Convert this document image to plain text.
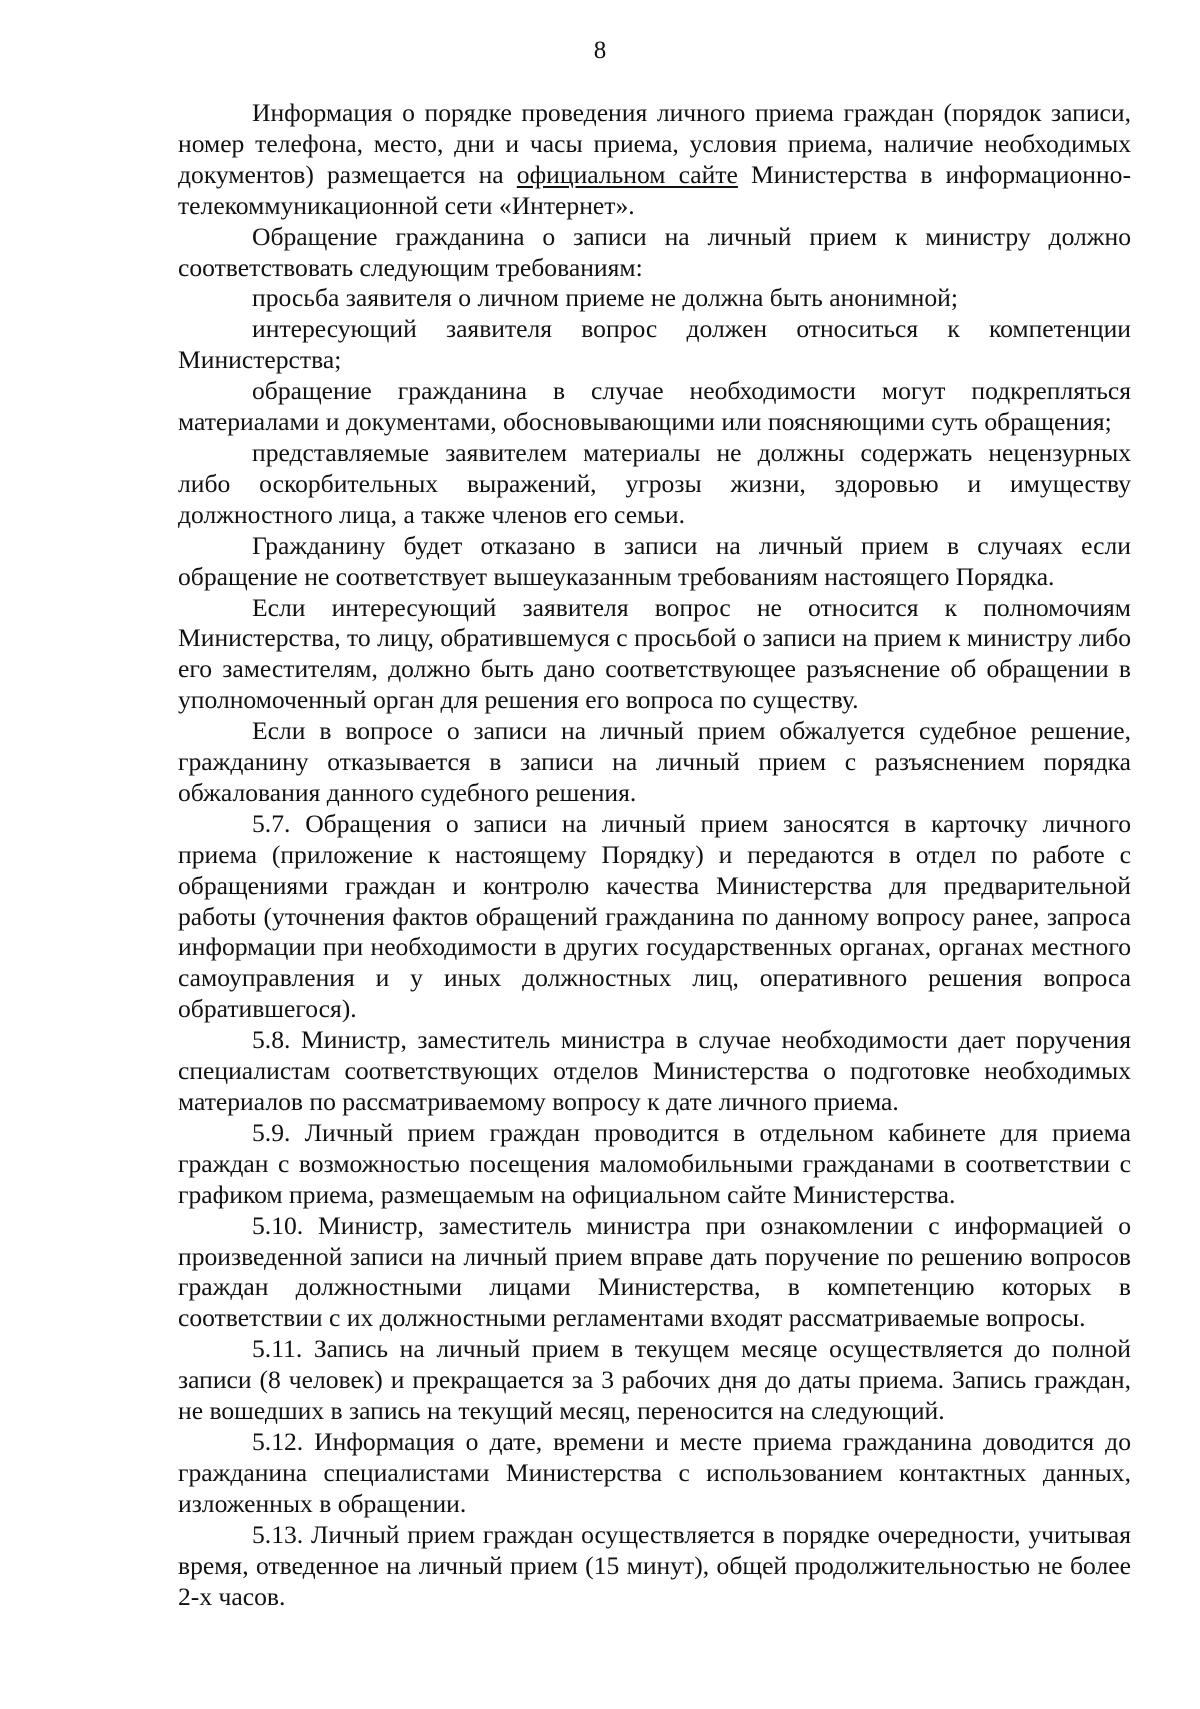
8

Информация о порядке проведения личного приема граждан (порядок записи, номер телефона, место, дни и часы приема, условия приема, наличие необходимых документов) размещается на официальном сайте Министерства в информационно-телекоммуникационной сети «Интернет».

Обращение гражданина о записи на личный прием к министру должно соответствовать следующим требованиям:

просьба заявителя о личном приеме не должна быть анонимной;

интересующий заявителя вопрос должен относиться к компетенции Министерства;

обращение гражданина в случае необходимости могут подкрепляться материалами и документами, обосновывающими или поясняющими суть обращения;

представляемые заявителем материалы не должны содержать нецензурных либо оскорбительных выражений, угрозы жизни, здоровью и имуществу должностного лица, а также членов его семьи.

Гражданину будет отказано в записи на личный прием в случаях если обращение не соответствует вышеуказанным требованиям настоящего Порядка.

Если интересующий заявителя вопрос не относится к полномочиям Министерства, то лицу, обратившемуся с просьбой о записи на прием к министру либо его заместителям, должно быть дано соответствующее разъяснение об обращении в уполномоченный орган для решения его вопроса по существу.

Если в вопросе о записи на личный прием обжалуется судебное решение, гражданину отказывается в записи на личный прием с разъяснением порядка обжалования данного судебного решения.

5.7. Обращения о записи на личный прием заносятся в карточку личного приема (приложение к настоящему Порядку) и передаются в отдел по работе с обращениями граждан и контролю качества Министерства для предварительной работы (уточнения фактов обращений гражданина по данному вопросу ранее, запроса информации при необходимости в других государственных органах, органах местного самоуправления и у иных должностных лиц, оперативного решения вопроса обратившегося).

5.8. Министр, заместитель министра в случае необходимости дает поручения специалистам соответствующих отделов Министерства о подготовке необходимых материалов по рассматриваемому вопросу к дате личного приема.

5.9. Личный прием граждан проводится в отдельном кабинете для приема граждан с возможностью посещения маломобильными гражданами в соответствии с графиком приема, размещаемым на официальном сайте Министерства.

5.10. Министр, заместитель министра при ознакомлении с информацией о произведенной записи на личный прием вправе дать поручение по решению вопросов граждан должностными лицами Министерства, в компетенцию которых в соответствии с их должностными регламентами входят рассматриваемые вопросы.

5.11. Запись на личный прием в текущем месяце осуществляется до полной записи (8 человек) и прекращается за 3 рабочих дня до даты приема. Запись граждан, не вошедших в запись на текущий месяц, переносится на следующий.

5.12. Информация о дате, времени и месте приема гражданина доводится до гражданина специалистами Министерства с использованием контактных данных, изложенных в обращении.

5.13. Личный прием граждан осуществляется в порядке очередности, учитывая время, отведенное на личный прием (15 минут), общей продолжительностью не более 2-х часов.
